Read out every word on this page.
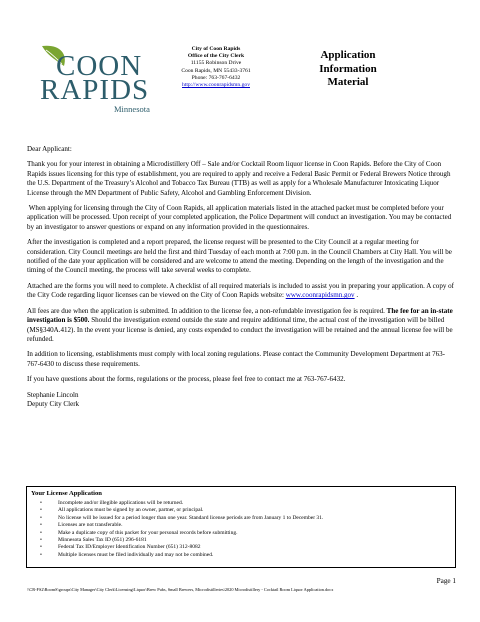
COON
RAPIDS
Minnesota
City of Coon Rapids
Office of the City Clerk
11155 Robinson Drive
Coon Rapids, MN 55433-3761
Phone: 763-767-6432
http://www.coonrapidsmn.gov
Application
Information
Material

Dear Applicant:

Thank you for your interest in obtaining a Microdistillery Off – Sale and/or Cocktail Room liquor license in Coon Rapids. Before the City of Coon Rapids issues licensing for this type of establishment, you are required to apply and receive a Federal Basic Permit or Federal Brewers Notice through the U.S. Department of the Treasury’s Alcohol and Tobacco Tax Bureau (TTB) as well as apply for a Wholesale Manufacturer Intoxicating Liquor License through the MN Department of Public Safety, Alcohol and Gambling Enforcement Division.

When applying for licensing through the City of Coon Rapids, all application materials listed in the attached packet must be completed before your application will be processed. Upon receipt of your completed application, the Police Department will conduct an investigation. You may be contacted by an investigator to answer questions or expand on any information provided in the questionnaires.

After the investigation is completed and a report prepared, the license request will be presented to the City Council at a regular meeting for consideration. City Council meetings are held the first and third Tuesday of each month at 7:00 p.m. in the Council Chambers at City Hall. You will be notified of the date your application will be considered and are welcome to attend the meeting. Depending on the length of the investigation and the timing of the Council meeting, the process will take several weeks to complete.

Attached are the forms you will need to complete. A checklist of all required materials is included to assist you in preparing your application. A copy of the City Code regarding liquor licenses can be viewed on the City of Coon Rapids website: www.coonrapidsmn.gov .

All fees are due when the application is submitted. In addition to the license fee, a non-refundable investigation fee is required. The fee for an in-state investigation is $500. Should the investigation extend outside the state and require additional time, the actual cost of the investigation will be billed (MS§340A.412). In the event your license is denied, any costs expended to conduct the investigation will be retained and the annual license fee will be refunded.

In addition to licensing, establishments must comply with local zoning regulations. Please contact the Community Development Department at 763-767-6430 to discuss these requirements.

If you have questions about the forms, regulations or the process, please feel free to contact me at 763-767-6432.

Stephanie Lincoln

Deputy City Clerk

Your License Application
•	Incomplete and/or illegible applications will be returned.
•	All applications must be signed by an owner, partner, or principal.
•	No license will be issued for a period longer than one year. Standard license periods are from January 1 to December 31.
•	Licenses are not transferable.
•	Make a duplicate copy of this packet for your personal records before submitting.
•	Minnesota Sales Tax ID (651) 296-6181
•	Federal Tax ID/Employer Identification Number (651) 312-8082
•	Multiple licenses must be filed individually and may not be combined.
Page 1
\\CR-FS2\RoomS\groups\City Manager\City Clerk\Licensing\Liquor\Brew Pubs, Small Brewers, Microdistilleries\2020 Microdistillery - Cocktail Room Liquor Application.docx
